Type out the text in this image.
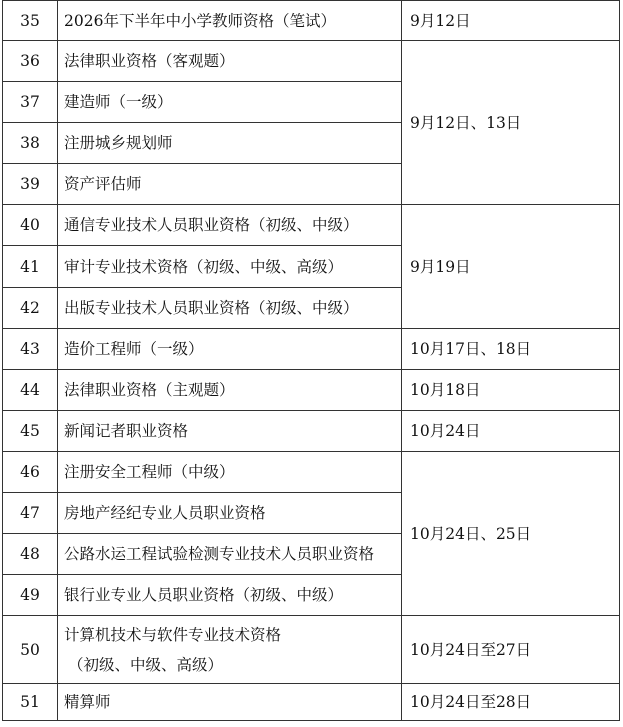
35	2026年下半年中小学教师资格（笔试）	9月12日
36	法律职业资格（客观题）	9月12日、13日
37	建造师（一级）	
38	注册城乡规划师	
39	资产评估师	
40	通信专业技术人员职业资格（初级、中级）	9月19日
41	审计专业技术资格（初级、中级、高级）	
42	出版专业技术人员职业资格（初级、中级）	
43	造价工程师（一级）	10月17日、18日
44	法律职业资格（主观题）	10月18日
45	新闻记者职业资格	10月24日
46	注册安全工程师（中级）	10月24日、25日
47	房地产经纪专业人员职业资格	
48	公路水运工程试验检测专业技术人员职业资格	
49	银行业专业人员职业资格（初级、中级）	
50	计算机技术与软件专业技术资格
（初级、中级、高级）	10月24日至27日
51	精算师	10月24日至28日
